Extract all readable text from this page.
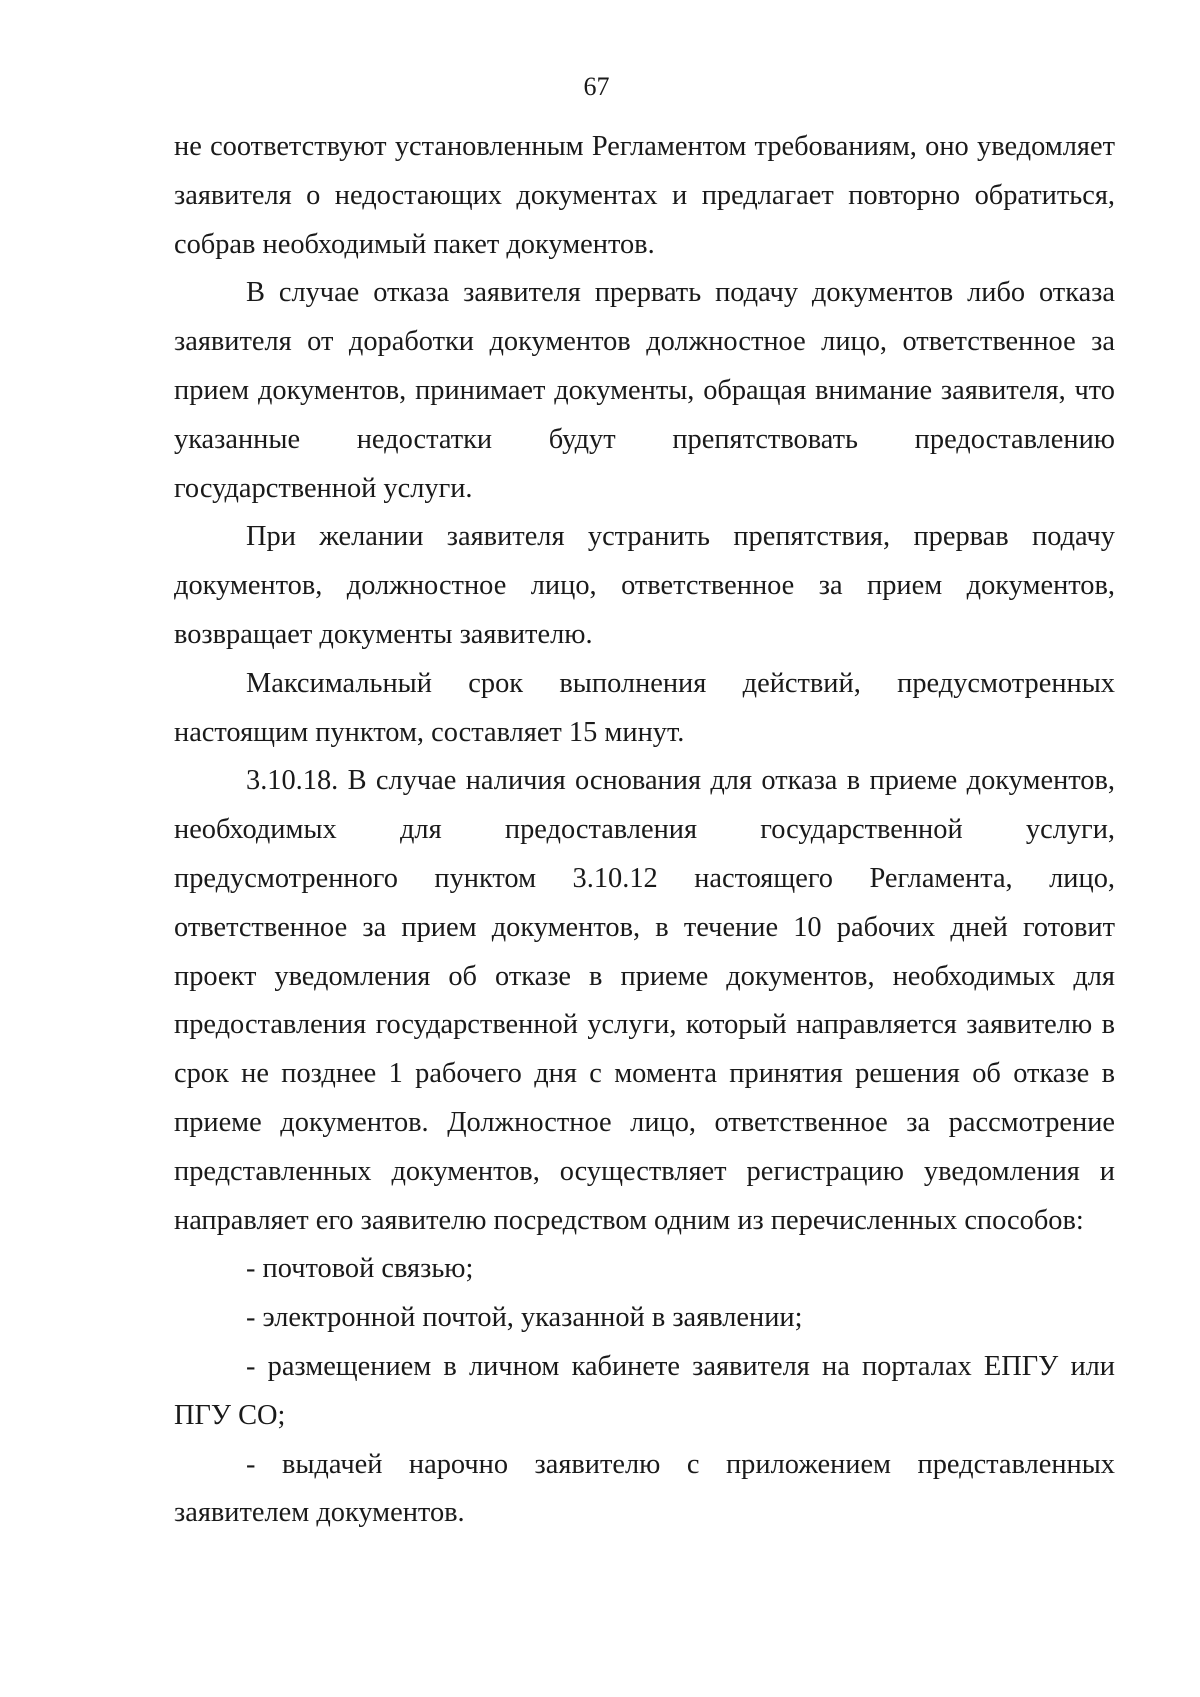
67

не соответствуют установленным Регламентом требованиям, оно уведомляет заявителя о недостающих документах и предлагает повторно обратиться, собрав необходимый пакет документов.

В случае отказа заявителя прервать подачу документов либо отказа заявителя от доработки документов должностное лицо, ответственное за прием документов, принимает документы, обращая внимание заявителя, что указанные недостатки будут препятствовать предоставлению государственной услуги.

При желании заявителя устранить препятствия, прервав подачу документов, должностное лицо, ответственное за прием документов, возвращает документы заявителю.

Максимальный срок выполнения действий, предусмотренных настоящим пунктом, составляет 15 минут.

3.10.18. В случае наличия основания для отказа в приеме документов, необходимых для предоставления государственной услуги, предусмотренного пунктом 3.10.12 настоящего Регламента, лицо, ответственное за прием документов, в течение 10 рабочих дней готовит проект уведомления об отказе в приеме документов, необходимых для предоставления государственной услуги, который направляется заявителю в срок не позднее 1 рабочего дня с момента принятия решения об отказе в приеме документов. Должностное лицо, ответственное за рассмотрение представленных документов, осуществляет регистрацию уведомления и направляет его заявителю посредством одним из перечисленных способов:

- почтовой связью;

- электронной почтой, указанной в заявлении;

- размещением в личном кабинете заявителя на порталах ЕПГУ или ПГУ СО;

- выдачей нарочно заявителю с приложением представленных заявителем документов.
